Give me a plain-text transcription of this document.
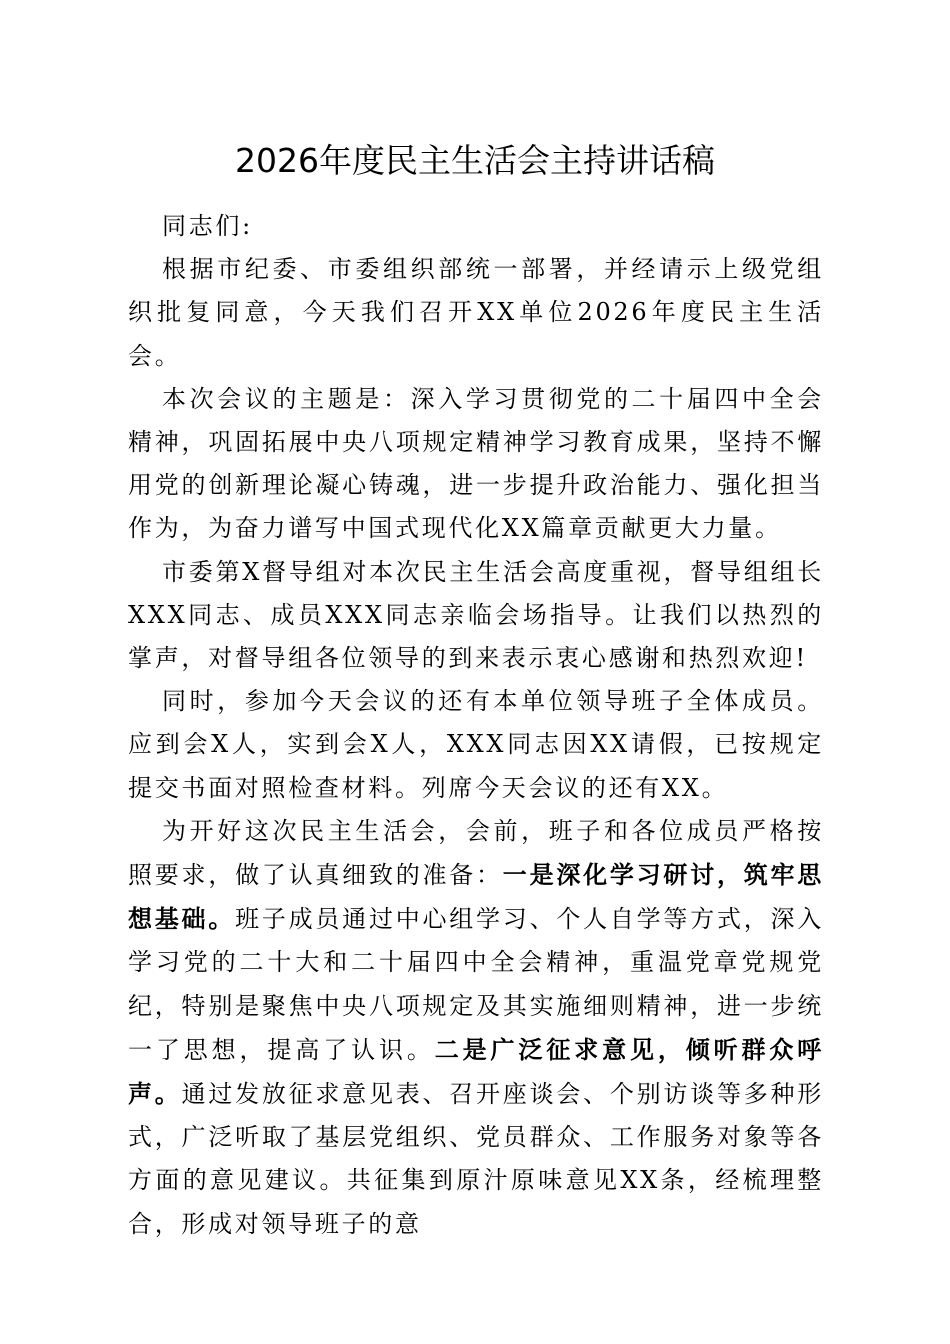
2026年度民主生活会主持讲话稿

同志们:

根据市纪委、市委组织部统一部署，并经请示上级党组织批复同意，今天我们召开XX单位2026年度民主生活会。

本次会议的主题是：深入学习贯彻党的二十届四中全会精神，巩固拓展中央八项规定精神学习教育成果，坚持不懈用党的创新理论凝心铸魂，进一步提升政治能力、强化担当作为，为奋力谱写中国式现代化XX篇章贡献更大力量。

市委第X督导组对本次民主生活会高度重视，督导组组长XXX同志、成员XXX同志亲临会场指导。让我们以热烈的掌声，对督导组各位领导的到来表示衷心感谢和热烈欢迎!

同时，参加今天会议的还有本单位领导班子全体成员。应到会X人，实到会X人，XXX同志因XX请假，已按规定提交书面对照检查材料。列席今天会议的还有XX。

为开好这次民主生活会，会前，班子和各位成员严格按照要求，做了认真细致的准备：一是深化学习研讨，筑牢思想基础。班子成员通过中心组学习、个人自学等方式，深入学习党的二十大和二十届四中全会精神，重温党章党规党纪，特别是聚焦中央八项规定及其实施细则精神，进一步统一了思想，提高了认识。二是广泛征求意见，倾听群众呼声。通过发放征求意见表、召开座谈会、个别访谈等多种形式，广泛听取了基层党组织、党员群众、工作服务对象等各方面的意见建议。共征集到原汁原味意见XX条，经梳理整合，形成对领导班子的意
